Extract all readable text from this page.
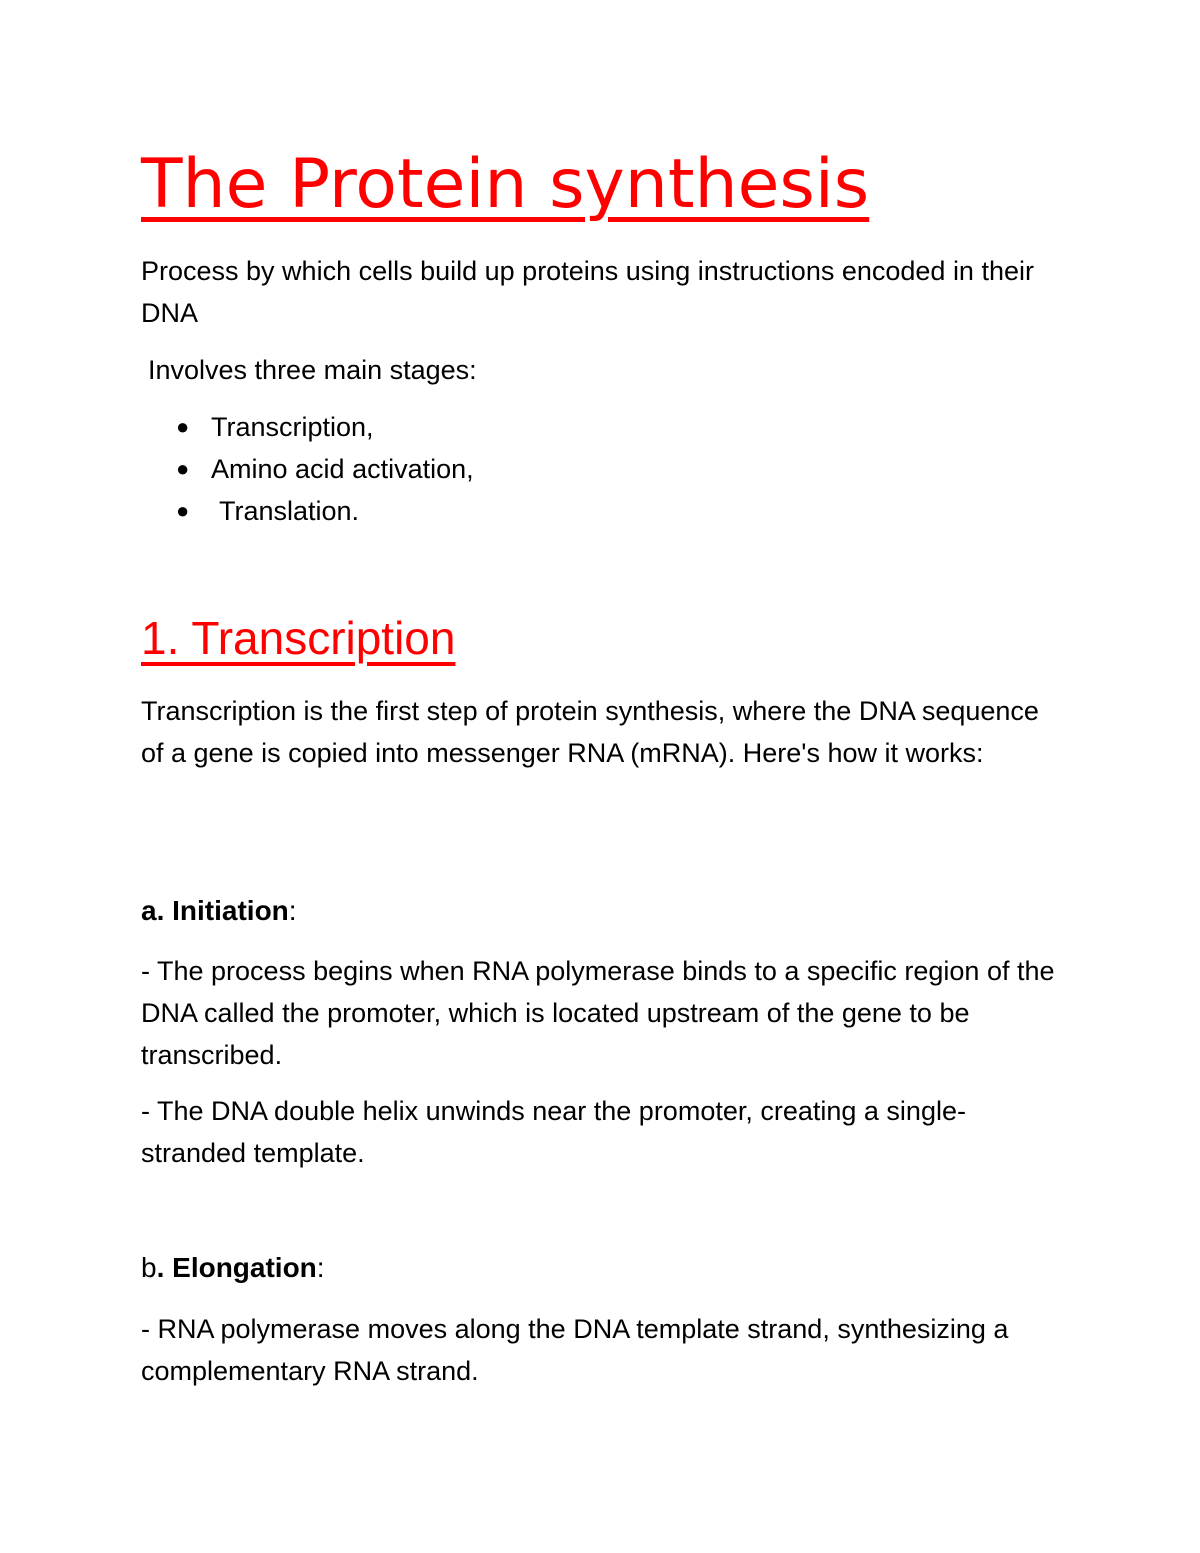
The Protein synthesis

Process by which cells build up proteins using instructions encoded in their DNA

Involves three main stages:

● Transcription,
● Amino acid activation,
● Translation.
1. Transcription

Transcription is the first step of protein synthesis, where the DNA sequence of a gene is copied into messenger RNA (mRNA). Here's how it works:

a. Initiation:

- The process begins when RNA polymerase binds to a specific region of the DNA called the promoter, which is located upstream of the gene to be transcribed.

- The DNA double helix unwinds near the promoter, creating a single-stranded template.

b. Elongation:

- RNA polymerase moves along the DNA template strand, synthesizing a complementary RNA strand.
